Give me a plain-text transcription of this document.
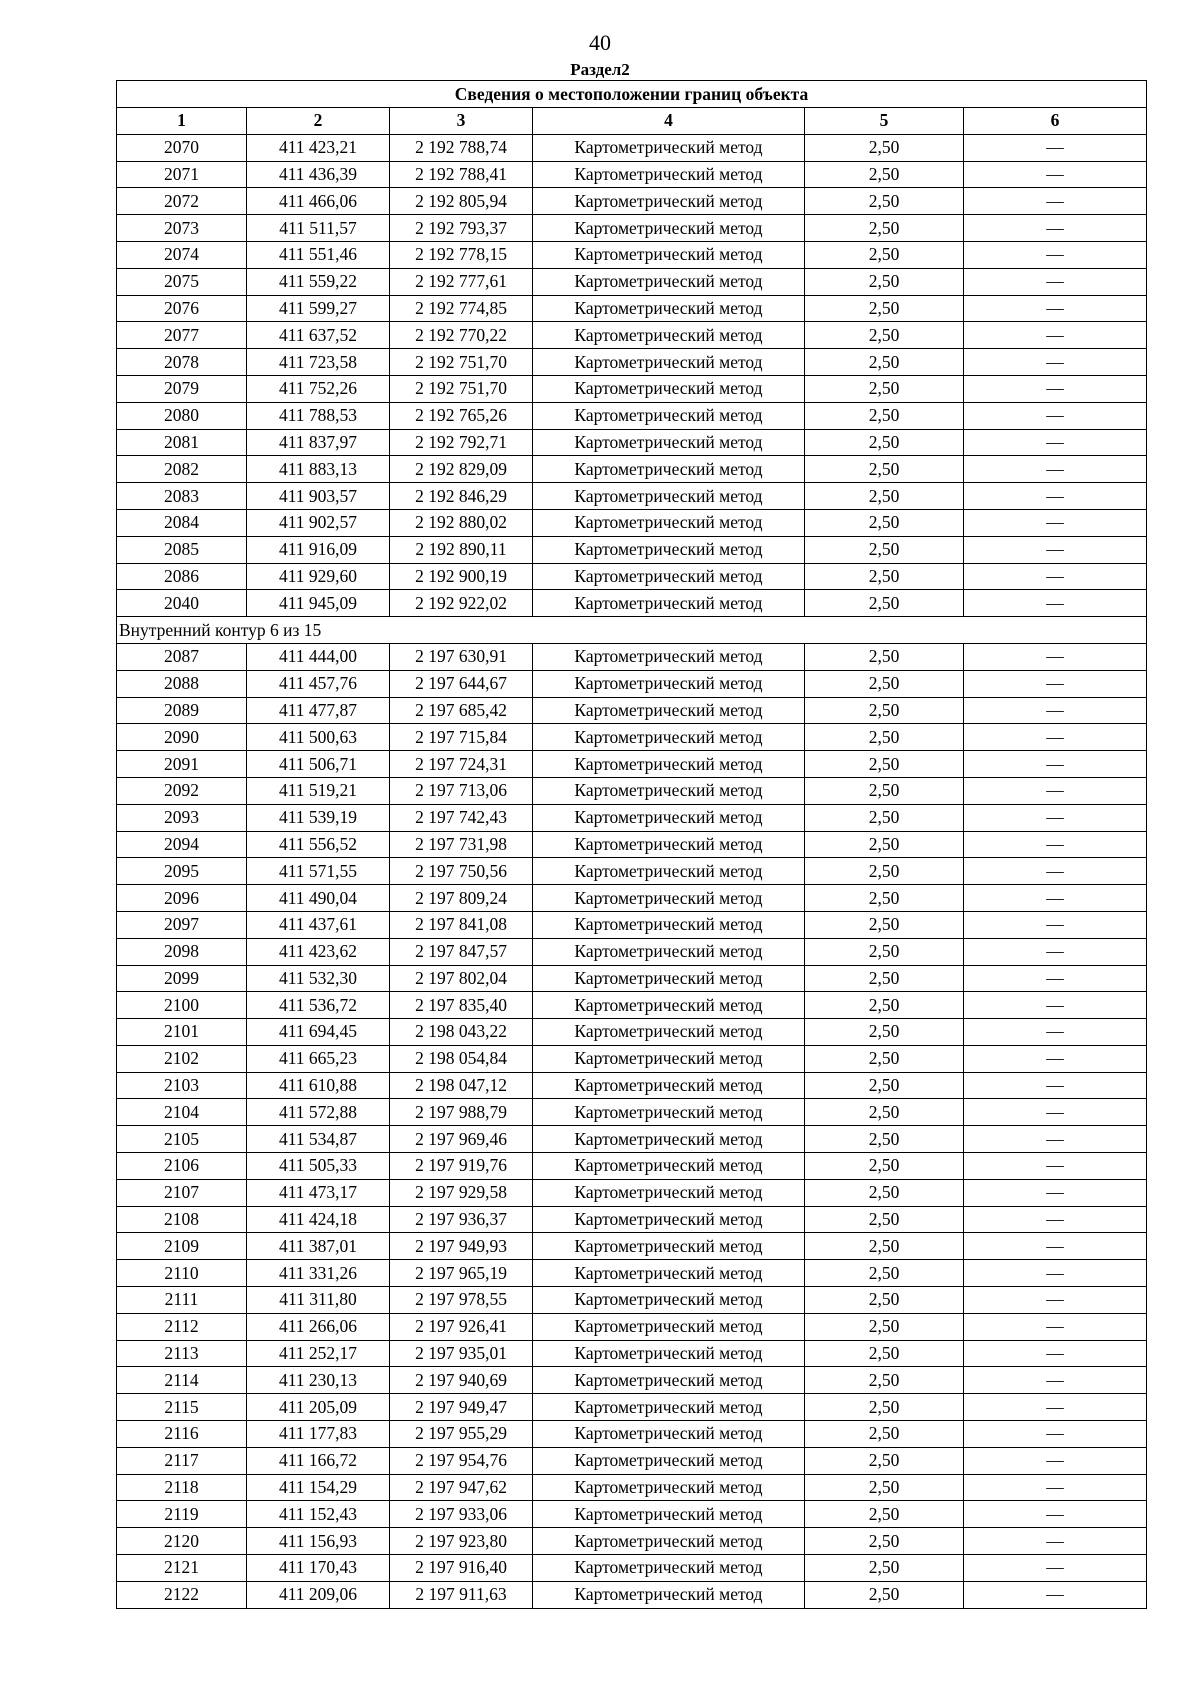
40
Раздел2
Сведения о местоположении границ объекта					
1	2	3	4	5	6
2070	411 423,21	2 192 788,74	Картометрический метод	2,50	—
2071	411 436,39	2 192 788,41	Картометрический метод	2,50	—
2072	411 466,06	2 192 805,94	Картометрический метод	2,50	—
2073	411 511,57	2 192 793,37	Картометрический метод	2,50	—
2074	411 551,46	2 192 778,15	Картометрический метод	2,50	—
2075	411 559,22	2 192 777,61	Картометрический метод	2,50	—
2076	411 599,27	2 192 774,85	Картометрический метод	2,50	—
2077	411 637,52	2 192 770,22	Картометрический метод	2,50	—
2078	411 723,58	2 192 751,70	Картометрический метод	2,50	—
2079	411 752,26	2 192 751,70	Картометрический метод	2,50	—
2080	411 788,53	2 192 765,26	Картометрический метод	2,50	—
2081	411 837,97	2 192 792,71	Картометрический метод	2,50	—
2082	411 883,13	2 192 829,09	Картометрический метод	2,50	—
2083	411 903,57	2 192 846,29	Картометрический метод	2,50	—
2084	411 902,57	2 192 880,02	Картометрический метод	2,50	—
2085	411 916,09	2 192 890,11	Картометрический метод	2,50	—
2086	411 929,60	2 192 900,19	Картометрический метод	2,50	—
2040	411 945,09	2 192 922,02	Картометрический метод	2,50	—
Внутренний контур 6 из 15					
2087	411 444,00	2 197 630,91	Картометрический метод	2,50	—
2088	411 457,76	2 197 644,67	Картометрический метод	2,50	—
2089	411 477,87	2 197 685,42	Картометрический метод	2,50	—
2090	411 500,63	2 197 715,84	Картометрический метод	2,50	—
2091	411 506,71	2 197 724,31	Картометрический метод	2,50	—
2092	411 519,21	2 197 713,06	Картометрический метод	2,50	—
2093	411 539,19	2 197 742,43	Картометрический метод	2,50	—
2094	411 556,52	2 197 731,98	Картометрический метод	2,50	—
2095	411 571,55	2 197 750,56	Картометрический метод	2,50	—
2096	411 490,04	2 197 809,24	Картометрический метод	2,50	—
2097	411 437,61	2 197 841,08	Картометрический метод	2,50	—
2098	411 423,62	2 197 847,57	Картометрический метод	2,50	—
2099	411 532,30	2 197 802,04	Картометрический метод	2,50	—
2100	411 536,72	2 197 835,40	Картометрический метод	2,50	—
2101	411 694,45	2 198 043,22	Картометрический метод	2,50	—
2102	411 665,23	2 198 054,84	Картометрический метод	2,50	—
2103	411 610,88	2 198 047,12	Картометрический метод	2,50	—
2104	411 572,88	2 197 988,79	Картометрический метод	2,50	—
2105	411 534,87	2 197 969,46	Картометрический метод	2,50	—
2106	411 505,33	2 197 919,76	Картометрический метод	2,50	—
2107	411 473,17	2 197 929,58	Картометрический метод	2,50	—
2108	411 424,18	2 197 936,37	Картометрический метод	2,50	—
2109	411 387,01	2 197 949,93	Картометрический метод	2,50	—
2110	411 331,26	2 197 965,19	Картометрический метод	2,50	—
2111	411 311,80	2 197 978,55	Картометрический метод	2,50	—
2112	411 266,06	2 197 926,41	Картометрический метод	2,50	—
2113	411 252,17	2 197 935,01	Картометрический метод	2,50	—
2114	411 230,13	2 197 940,69	Картометрический метод	2,50	—
2115	411 205,09	2 197 949,47	Картометрический метод	2,50	—
2116	411 177,83	2 197 955,29	Картометрический метод	2,50	—
2117	411 166,72	2 197 954,76	Картометрический метод	2,50	—
2118	411 154,29	2 197 947,62	Картометрический метод	2,50	—
2119	411 152,43	2 197 933,06	Картометрический метод	2,50	—
2120	411 156,93	2 197 923,80	Картометрический метод	2,50	—
2121	411 170,43	2 197 916,40	Картометрический метод	2,50	—
2122	411 209,06	2 197 911,63	Картометрический метод	2,50	—
